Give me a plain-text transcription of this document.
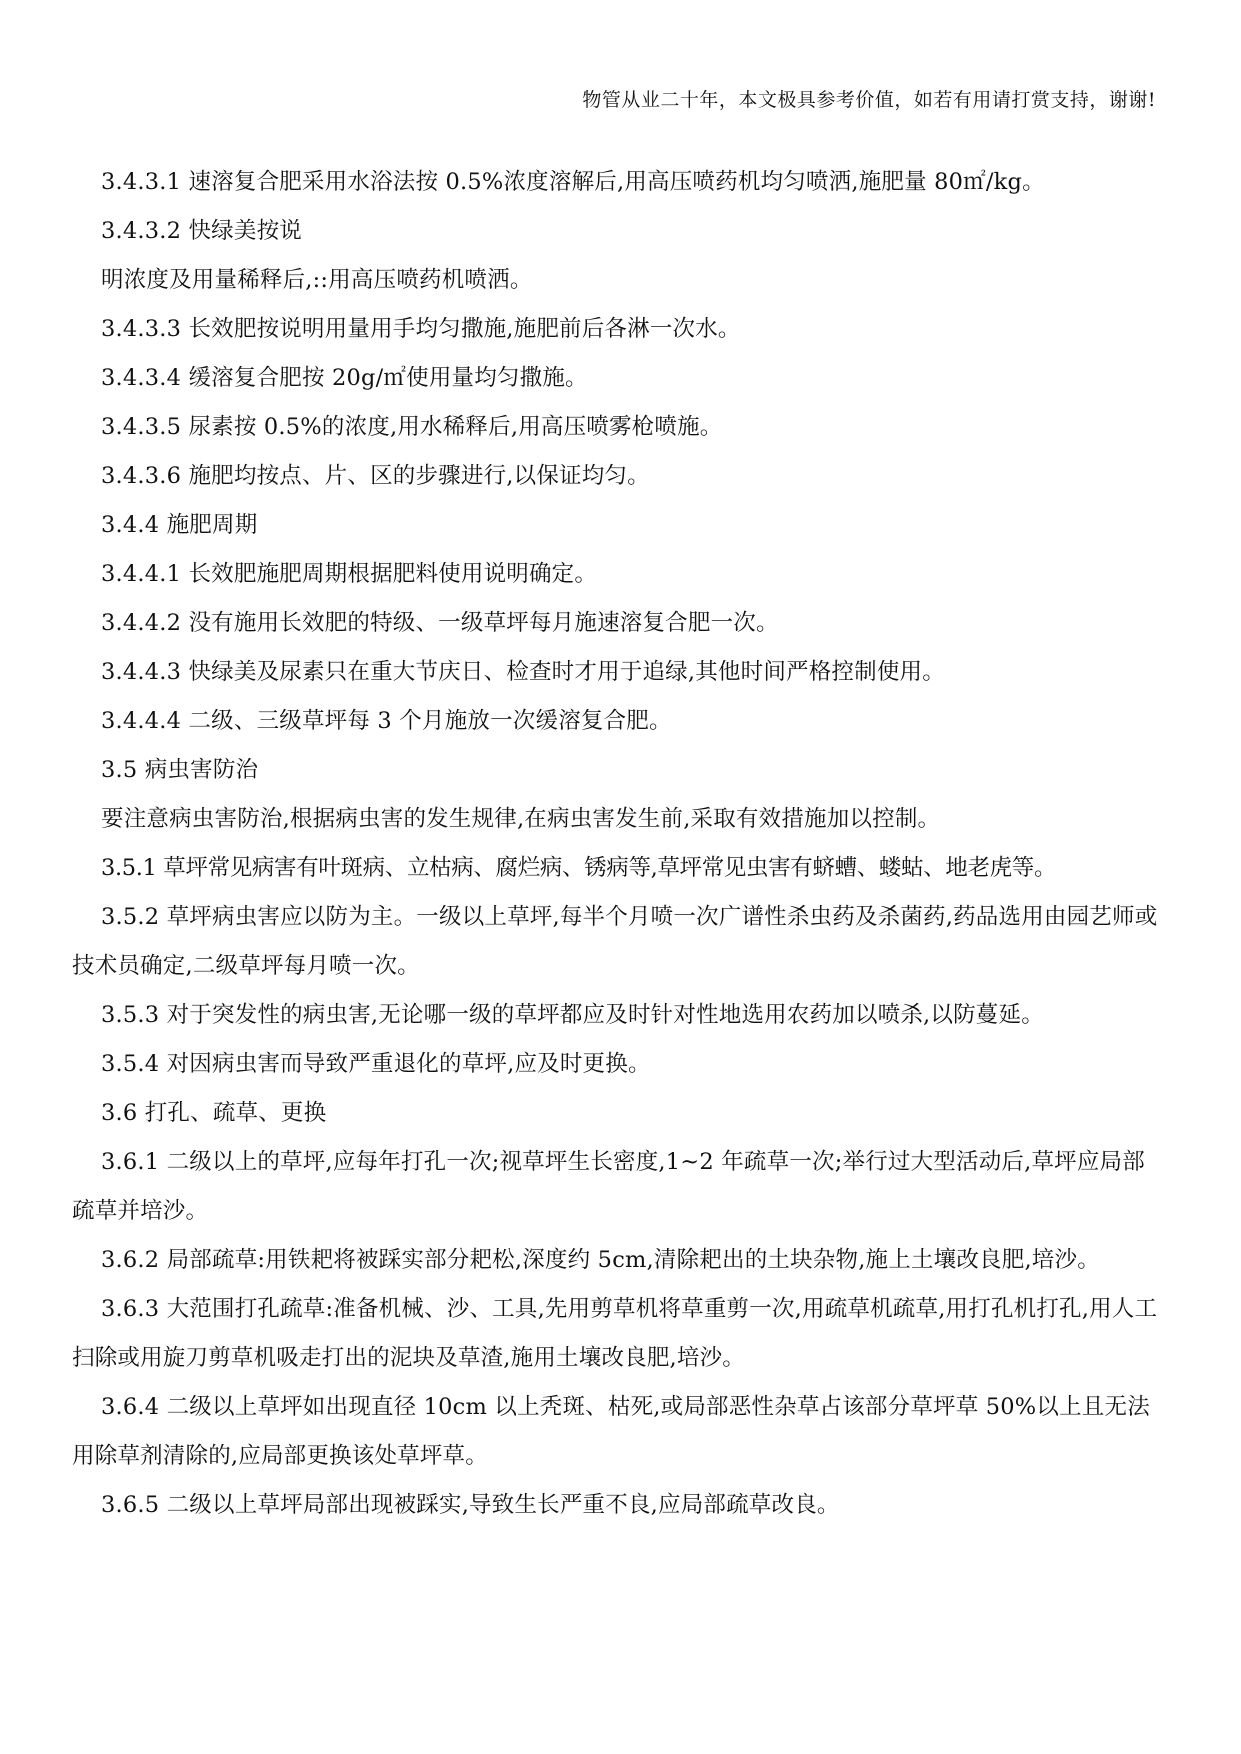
物管从业二十年，本文极具参考价值，如若有用请打赏支持，谢谢!

3.4.3.1 速溶复合肥采用水浴法按 0.5%浓度溶解后,用高压喷药机均匀喷洒,施肥量 80㎡/kg。

3.4.3.2 快绿美按说

明浓度及用量稀释后,::用高压喷药机喷洒。

3.4.3.3 长效肥按说明用量用手均匀撒施,施肥前后各淋一次水。

3.4.3.4 缓溶复合肥按 20g/㎡使用量均匀撒施。

3.4.3.5 尿素按 0.5%的浓度,用水稀释后,用高压喷雾枪喷施。

3.4.3.6 施肥均按点、片、区的步骤进行,以保证均匀。

3.4.4 施肥周期

3.4.4.1 长效肥施肥周期根据肥料使用说明确定。

3.4.4.2 没有施用长效肥的特级、一级草坪每月施速溶复合肥一次。

3.4.4.3 快绿美及尿素只在重大节庆日、检查时才用于追绿,其他时间严格控制使用。

3.4.4.4 二级、三级草坪每 3 个月施放一次缓溶复合肥。

3.5 病虫害防治

要注意病虫害防治,根据病虫害的发生规律,在病虫害发生前,采取有效措施加以控制。

3.5.1 草坪常见病害有叶斑病、立枯病、腐烂病、锈病等,草坪常见虫害有蛴螬、蝼蛄、地老虎等。

3.5.2 草坪病虫害应以防为主。一级以上草坪,每半个月喷一次广谱性杀虫药及杀菌药,药品选用由园艺师或技术员确定,二级草坪每月喷一次。

3.5.3 对于突发性的病虫害,无论哪一级的草坪都应及时针对性地选用农药加以喷杀,以防蔓延。

3.5.4 对因病虫害而导致严重退化的草坪,应及时更换。

3.6 打孔、疏草、更换

3.6.1 二级以上的草坪,应每年打孔一次;视草坪生长密度,1~2 年疏草一次;举行过大型活动后,草坪应局部疏草并培沙。

3.6.2 局部疏草:用铁耙将被踩实部分耙松,深度约 5cm,清除耙出的土块杂物,施上土壤改良肥,培沙。

3.6.3 大范围打孔疏草:准备机械、沙、工具,先用剪草机将草重剪一次,用疏草机疏草,用打孔机打孔,用人工扫除或用旋刀剪草机吸走打出的泥块及草渣,施用土壤改良肥,培沙。

3.6.4 二级以上草坪如出现直径 10cm 以上秃斑、枯死,或局部恶性杂草占该部分草坪草 50%以上且无法用除草剂清除的,应局部更换该处草坪草。

3.6.5 二级以上草坪局部出现被踩实,导致生长严重不良,应局部疏草改良。
